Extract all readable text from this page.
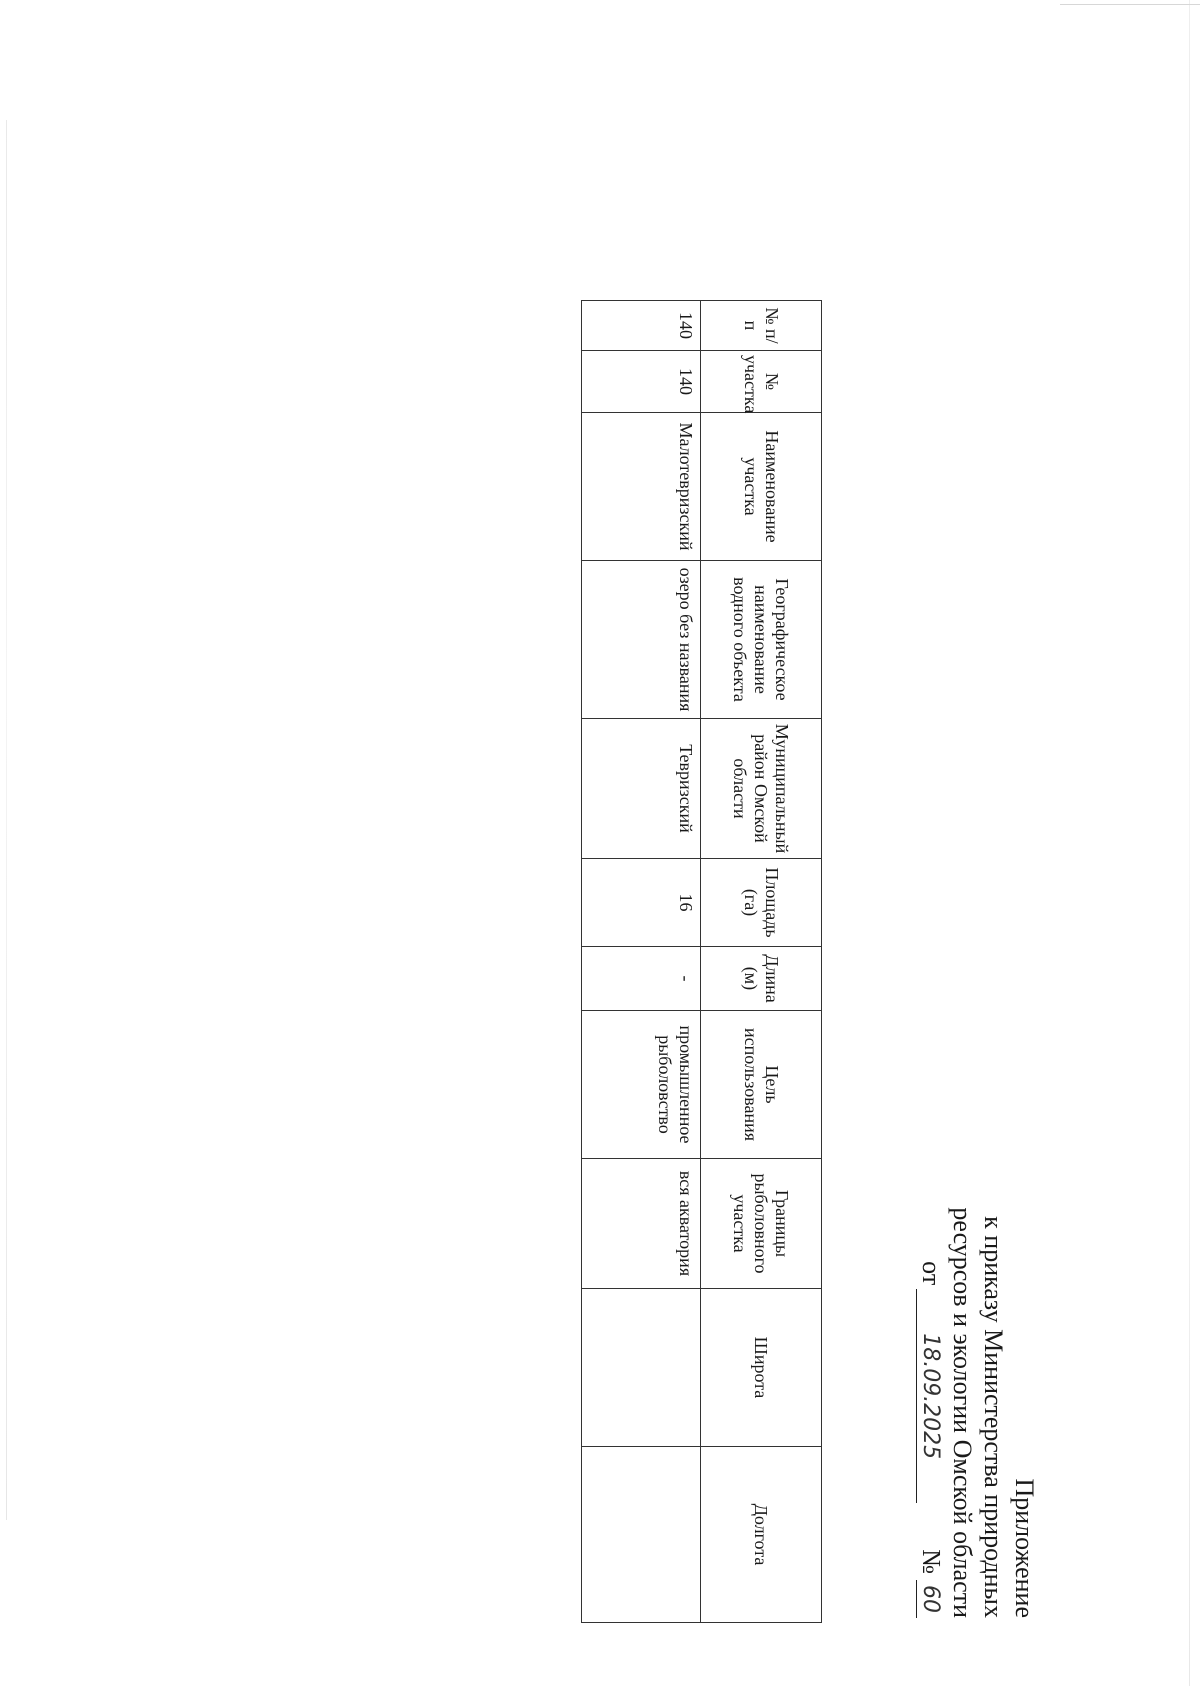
Приложение
к приказу Министерства природных
ресурсов и экологии Омской области
от
18.09.2025
№
60
№ п/п	№ участка	Наименование участка	Географическое наименование водного объекта	Муниципальный район Омской области	Площадь (га)	Длина (м)	Цель использования	Границы рыболовного участка	Широта	Долгота
140	140	Малотевризский	озеро без названия	Тевризский	16	-	промышленное рыболовство	вся акватория		
